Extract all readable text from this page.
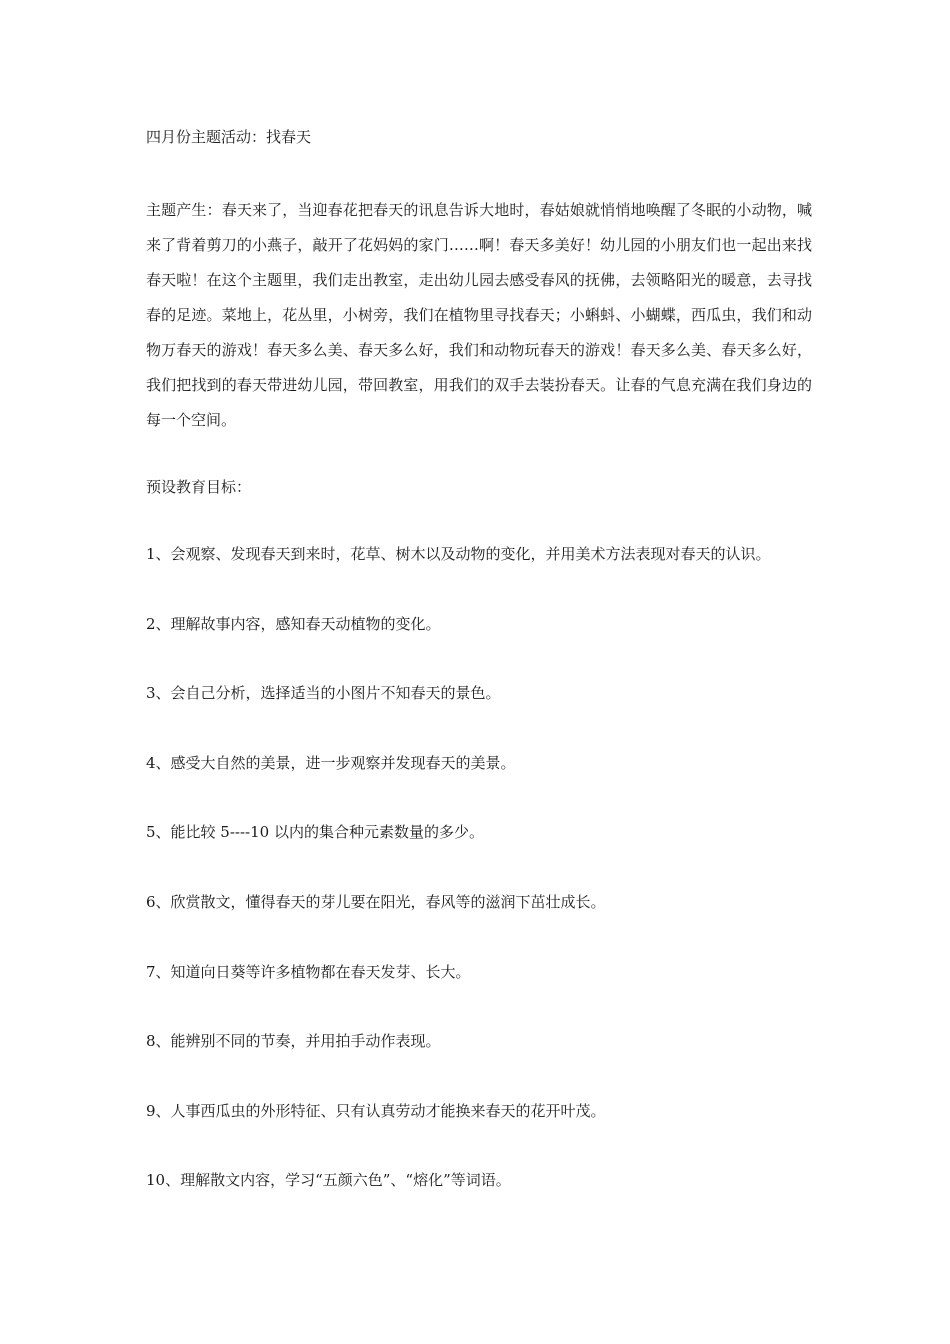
四月份主题活动：找春天

主题产生：春天来了，当迎春花把春天的讯息告诉大地时，春姑娘就悄悄地唤醒了冬眠的小动物，喊来了背着剪刀的小燕子，敲开了花妈妈的家门……啊！春天多美好！幼儿园的小朋友们也一起出来找春天啦！在这个主题里，我们走出教室，走出幼儿园去感受春风的抚佛，去领略阳光的暖意，去寻找春的足迹。菜地上，花丛里，小树旁，我们在植物里寻找春天；小蝌蚪、小蝴蝶，西瓜虫，我们和动物万春天的游戏！春天多么美、春天多么好，我们和动物玩春天的游戏！春天多么美、春天多么好，我们把找到的春天带进幼儿园，带回教室，用我们的双手去装扮春天。让春的气息充满在我们身边的每一个空间。

预设教育目标：
1、会观察、发现春天到来时，花草、树木以及动物的变化，并用美术方法表现对春天的认识。
2、理解故事内容，感知春天动植物的变化。
3、会自己分析，选择适当的小图片不知春天的景色。
4、感受大自然的美景，进一步观察并发现春天的美景。
5、能比较 5----10 以内的集合种元素数量的多少。
6、欣赏散文，懂得春天的芽儿要在阳光，春风等的滋润下茁壮成长。
7、知道向日葵等许多植物都在春天发芽、长大。
8、能辨别不同的节奏，并用拍手动作表现。
9、人事西瓜虫的外形特征、只有认真劳动才能换来春天的花开叶茂。
10、理解散文内容，学习“五颜六色”、“熔化”等词语。
